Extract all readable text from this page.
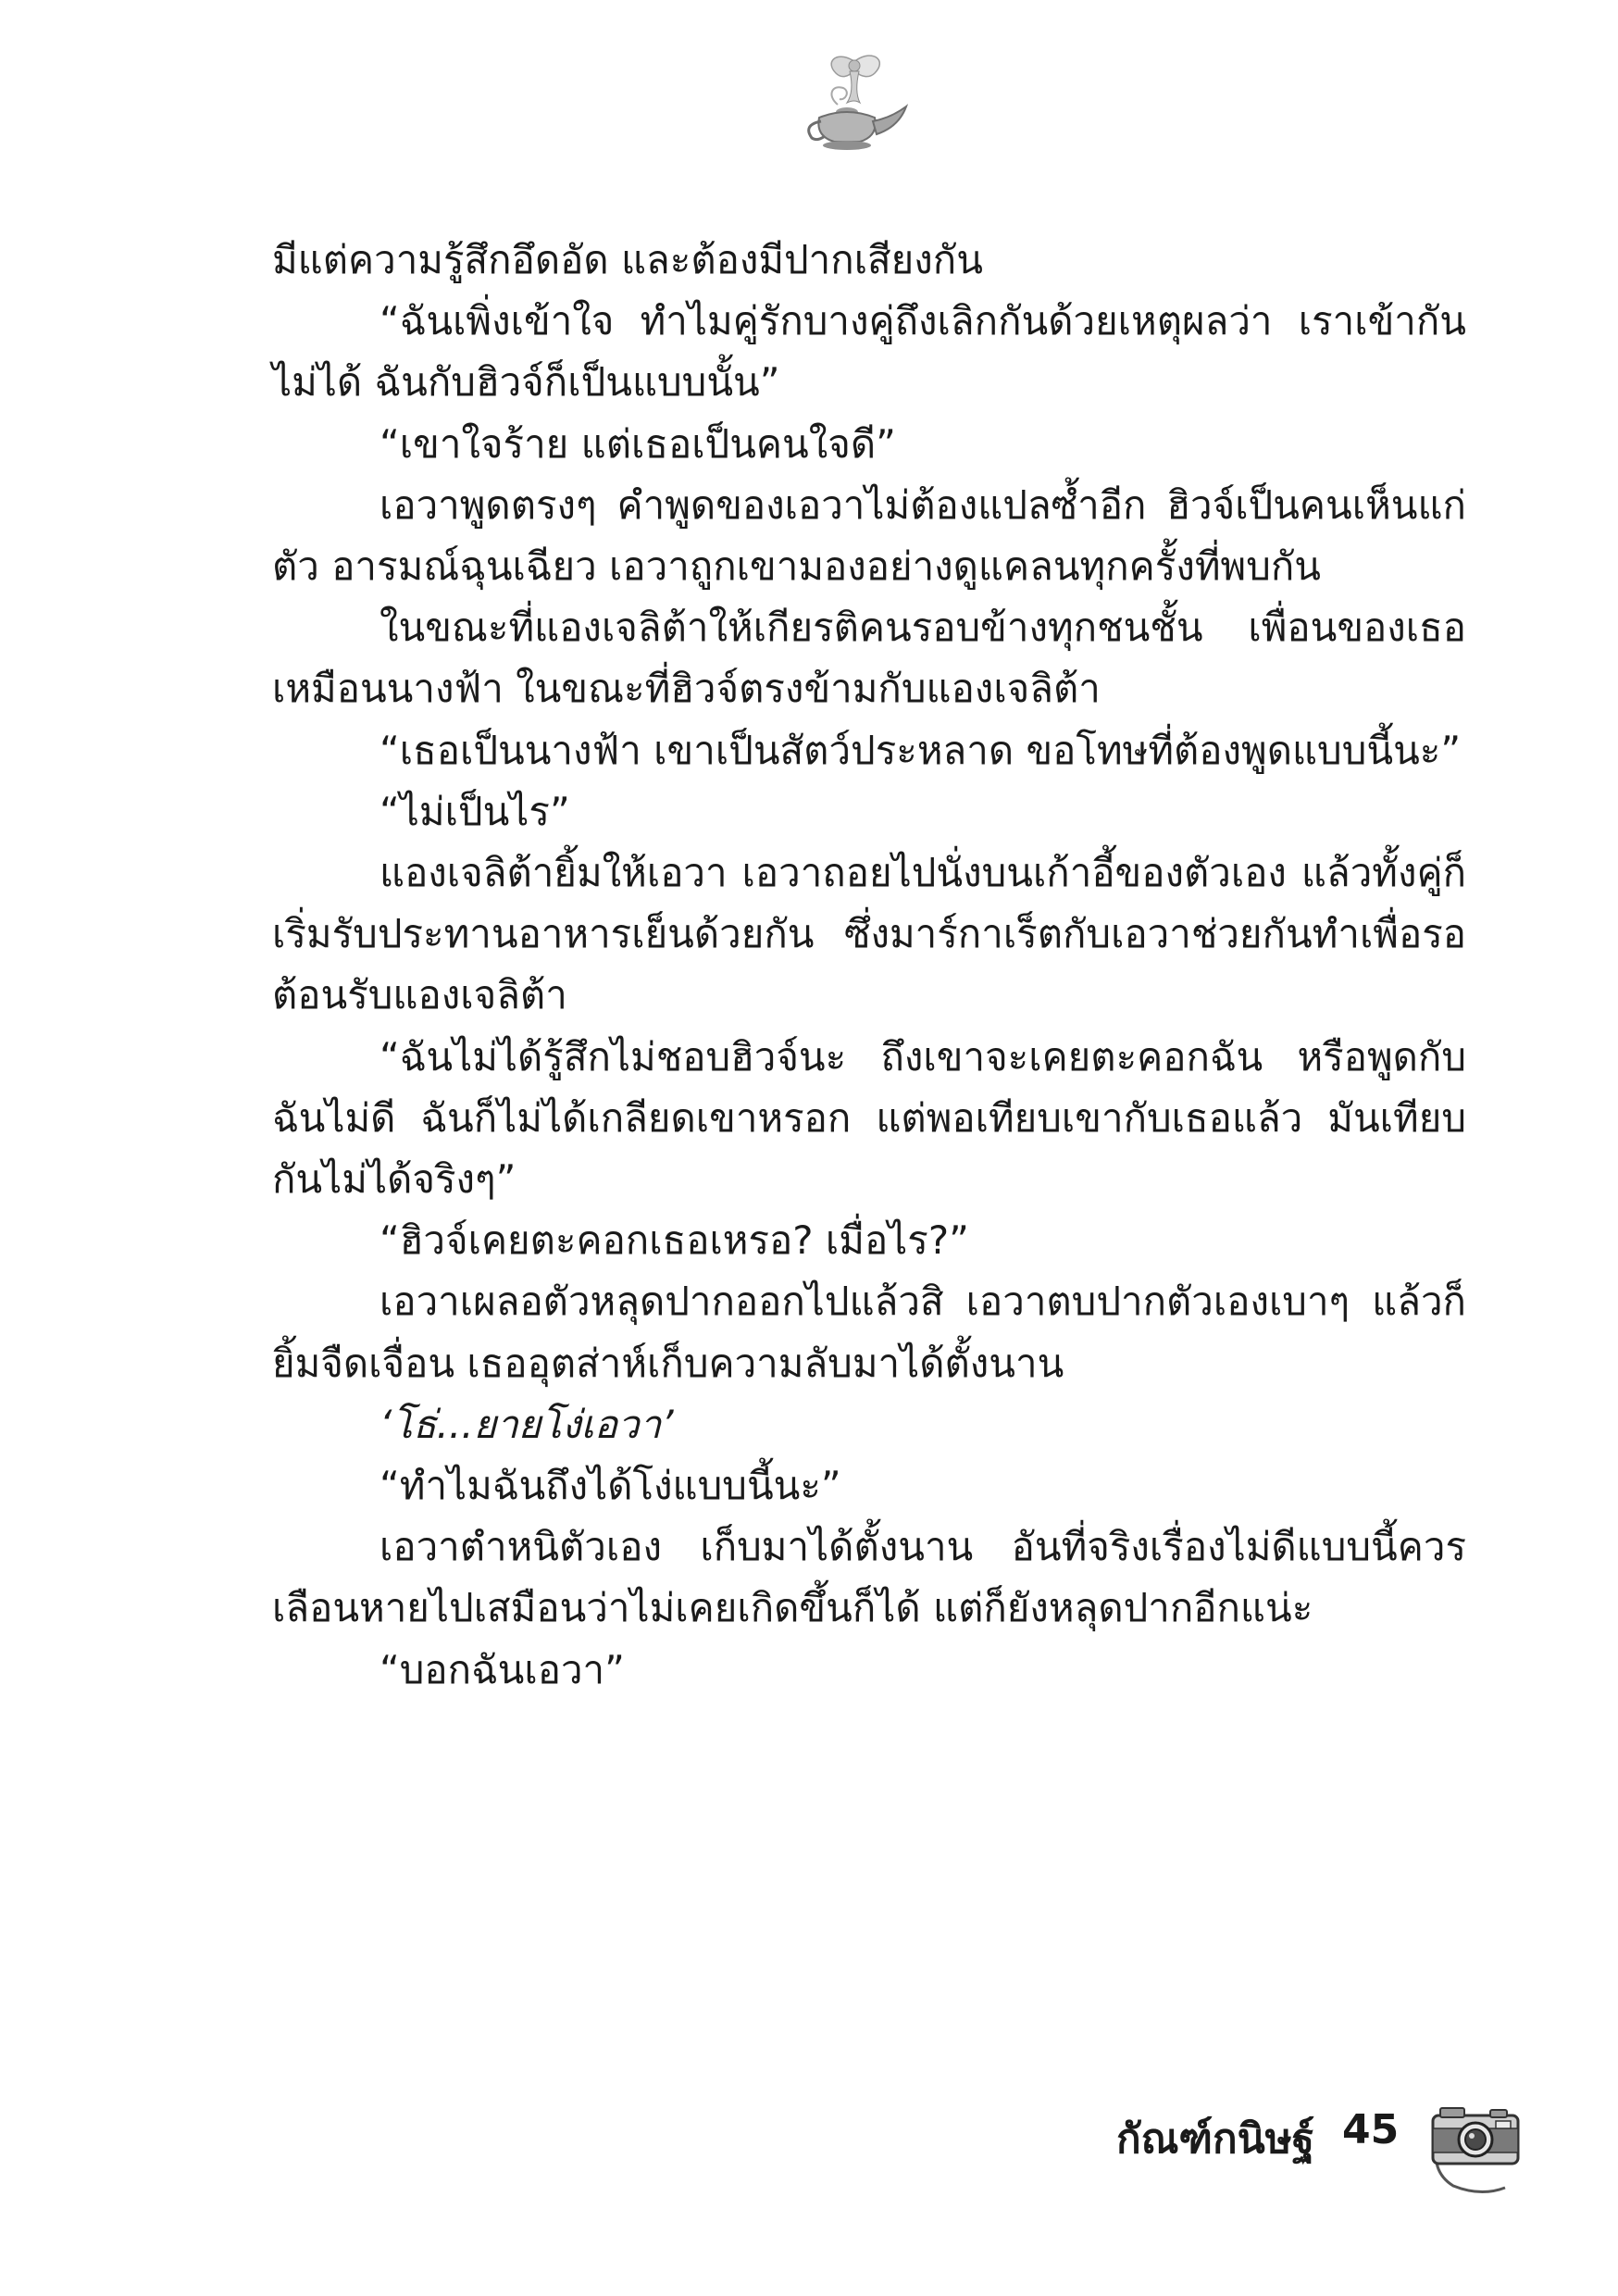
มีแต่ความรู้สึกอึดอัด และต้องมีปากเสียงกัน

“ฉันเพิ่งเข้าใจ ทำไมคู่รักบางคู่ถึงเลิกกันด้วยเหตุผลว่า เราเข้ากันไม่ได้ ฉันกับฮิวจ์ก็เป็นแบบนั้น”

“เขาใจร้าย แต่เธอเป็นคนใจดี”

เอวาพูดตรงๆ คำพูดของเอวาไม่ต้องแปลซ้ำอีก ฮิวจ์เป็นคนเห็นแก่ตัว อารมณ์ฉุนเฉียว เอวาถูกเขามองอย่างดูแคลนทุกครั้งที่พบกัน

ในขณะที่แองเจลิต้าให้เกียรติคนรอบข้างทุกชนชั้น เพื่อนของเธอเหมือนนางฟ้า ในขณะที่ฮิวจ์ตรงข้ามกับแองเจลิต้า

“เธอเป็นนางฟ้า เขาเป็นสัตว์ประหลาด ขอโทษที่ต้องพูดแบบนี้นะ”

“ไม่เป็นไร”

แองเจลิต้ายิ้มให้เอวา เอวาถอยไปนั่งบนเก้าอี้ของตัวเอง แล้วทั้งคู่ก็เริ่มรับประทานอาหารเย็นด้วยกัน ซึ่งมาร์กาเร็ตกับเอวาช่วยกันทำเพื่อรอต้อนรับแองเจลิต้า

“ฉันไม่ได้รู้สึกไม่ชอบฮิวจ์นะ ถึงเขาจะเคยตะคอกฉัน หรือพูดกับฉันไม่ดี ฉันก็ไม่ได้เกลียดเขาหรอก แต่พอเทียบเขากับเธอแล้ว มันเทียบกันไม่ได้จริงๆ”

“ฮิวจ์เคยตะคอกเธอเหรอ? เมื่อไร?”

เอวาเผลอตัวหลุดปากออกไปแล้วสิ เอวาตบปากตัวเองเบาๆ แล้วก็ยิ้มจืดเจื่อน เธออุตส่าห์เก็บความลับมาได้ตั้งนาน

‘โธ่...ยายโง่เอวา’

“ทำไมฉันถึงได้โง่แบบนี้นะ”

เอวาตำหนิตัวเอง เก็บมาได้ตั้งนาน อันที่จริงเรื่องไม่ดีแบบนี้ควรเลือนหายไปเสมือนว่าไม่เคยเกิดขึ้นก็ได้ แต่ก็ยังหลุดปากอีกแน่ะ

“บอกฉันเอวา”

กัณฑ์กนิษฐ์ 45
